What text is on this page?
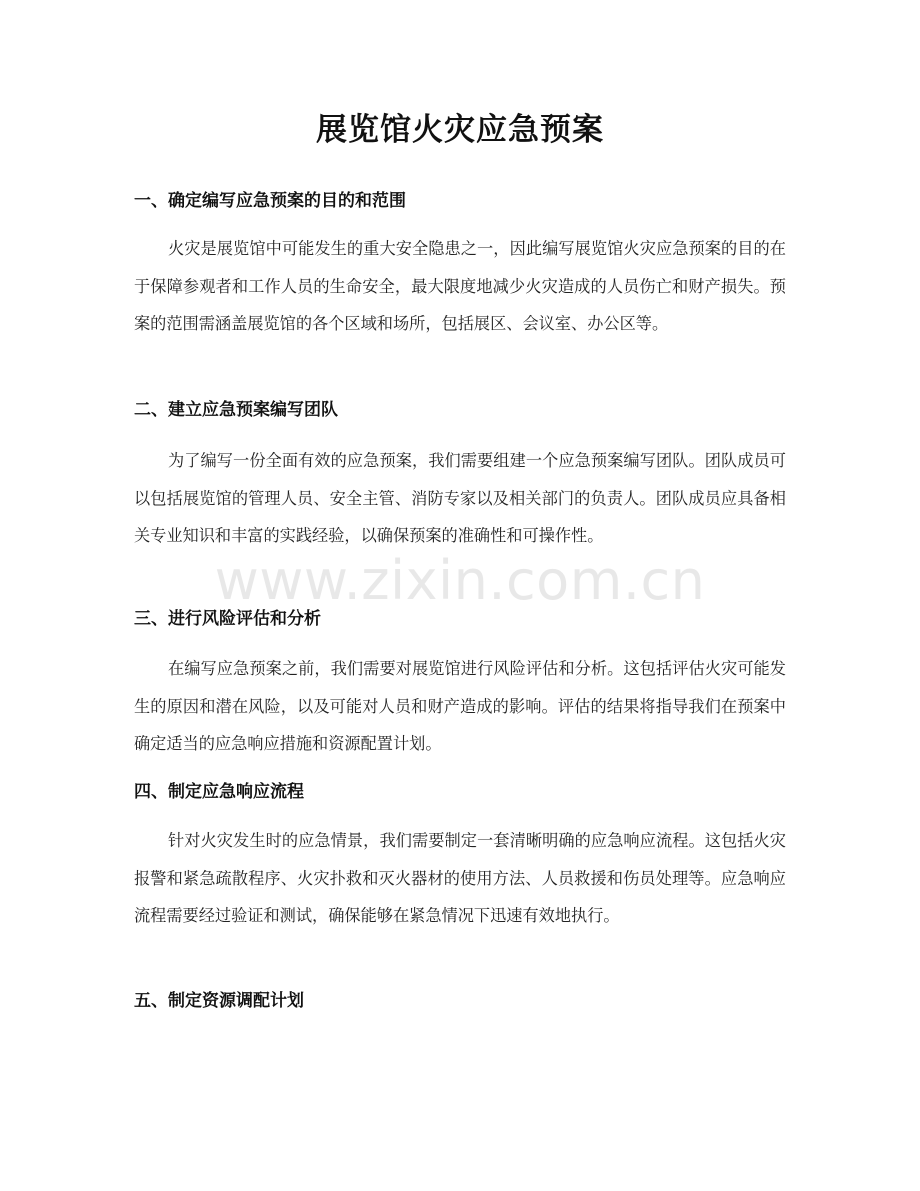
展览馆火灾应急预案
一、确定编写应急预案的目的和范围

火灾是展览馆中可能发生的重大安全隐患之一，因此编写展览馆火灾应急预案的目的在于保障参观者和工作人员的生命安全，最大限度地减少火灾造成的人员伤亡和财产损失。预案的范围需涵盖展览馆的各个区域和场所，包括展区、会议室、办公区等。

二、建立应急预案编写团队

为了编写一份全面有效的应急预案，我们需要组建一个应急预案编写团队。团队成员可以包括展览馆的管理人员、安全主管、消防专家以及相关部门的负责人。团队成员应具备相关专业知识和丰富的实践经验，以确保预案的准确性和可操作性。

三、进行风险评估和分析

在编写应急预案之前，我们需要对展览馆进行风险评估和分析。这包括评估火灾可能发生的原因和潜在风险，以及可能对人员和财产造成的影响。评估的结果将指导我们在预案中确定适当的应急响应措施和资源配置计划。

四、制定应急响应流程

针对火灾发生时的应急情景，我们需要制定一套清晰明确的应急响应流程。这包括火灾报警和紧急疏散程序、火灾扑救和灭火器材的使用方法、人员救援和伤员处理等。应急响应流程需要经过验证和测试，确保能够在紧急情况下迅速有效地执行。

五、制定资源调配计划
www.zixin.com.cn
